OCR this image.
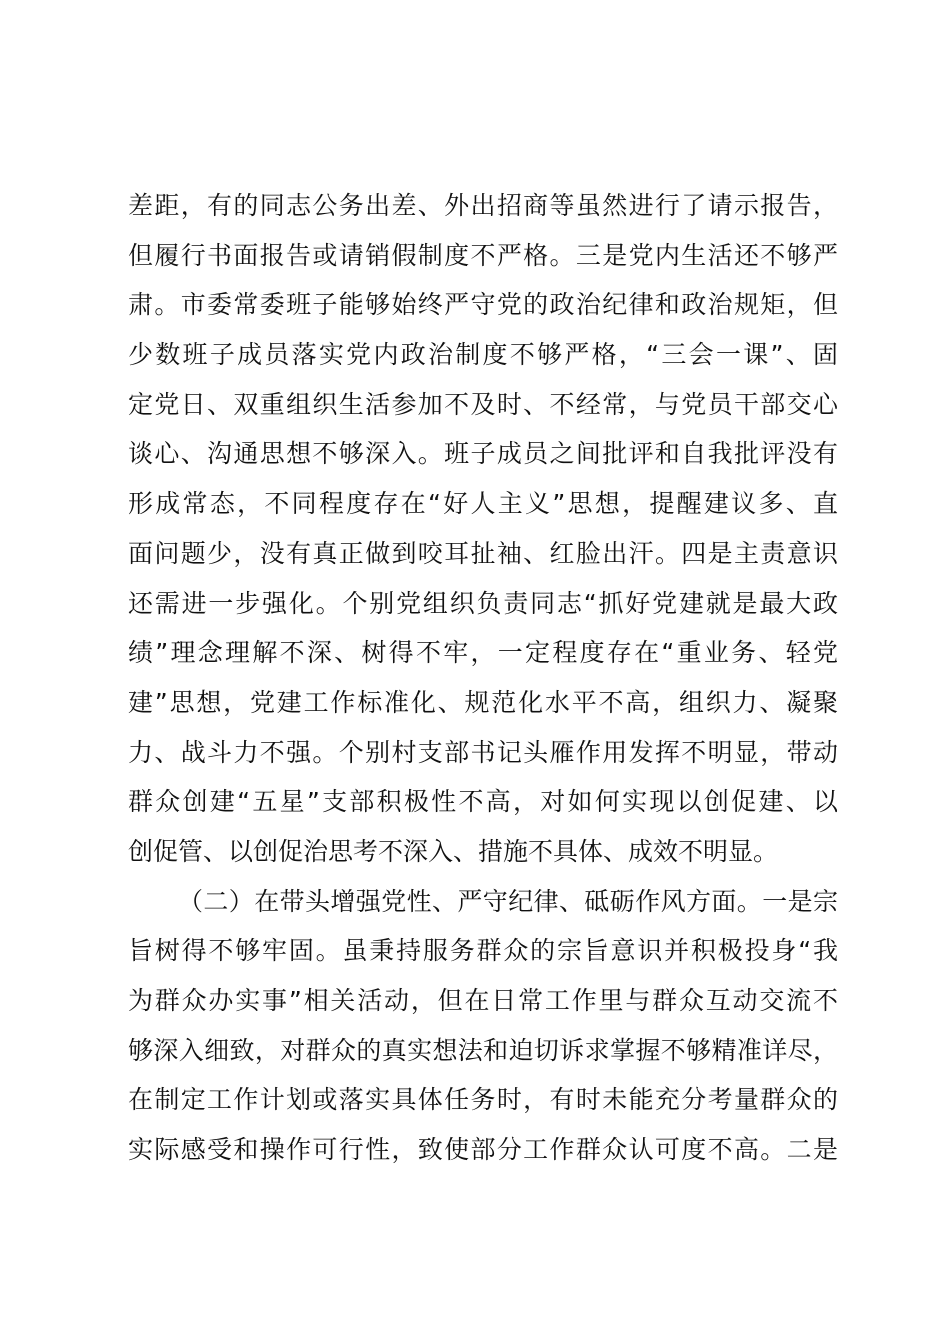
差距，有的同志公务出差、外出招商等虽然进行了请示报告，
但履行书面报告或请销假制度不严格。三是党内生活还不够严
肃。市委常委班子能够始终严守党的政治纪律和政治规矩，但
少数班子成员落实党内政治制度不够严格，“三会一课”、固
定党日、双重组织生活参加不及时、不经常，与党员干部交心
谈心、沟通思想不够深入。班子成员之间批评和自我批评没有
形成常态，不同程度存在“好人主义”思想，提醒建议多、直
面问题少，没有真正做到咬耳扯袖、红脸出汗。四是主责意识
还需进一步强化。个别党组织负责同志“抓好党建就是最大政
绩”理念理解不深、树得不牢，一定程度存在“重业务、轻党
建”思想，党建工作标准化、规范化水平不高，组织力、凝聚
力、战斗力不强。个别村支部书记头雁作用发挥不明显，带动
群众创建“五星”支部积极性不高，对如何实现以创促建、以
创促管、以创促治思考不深入、措施不具体、成效不明显。
（二）在带头增强党性、严守纪律、砥砺作风方面。一是宗
旨树得不够牢固。虽秉持服务群众的宗旨意识并积极投身“我
为群众办实事”相关活动，但在日常工作里与群众互动交流不
够深入细致，对群众的真实想法和迫切诉求掌握不够精准详尽，
在制定工作计划或落实具体任务时，有时未能充分考量群众的
实际感受和操作可行性，致使部分工作群众认可度不高。二是
